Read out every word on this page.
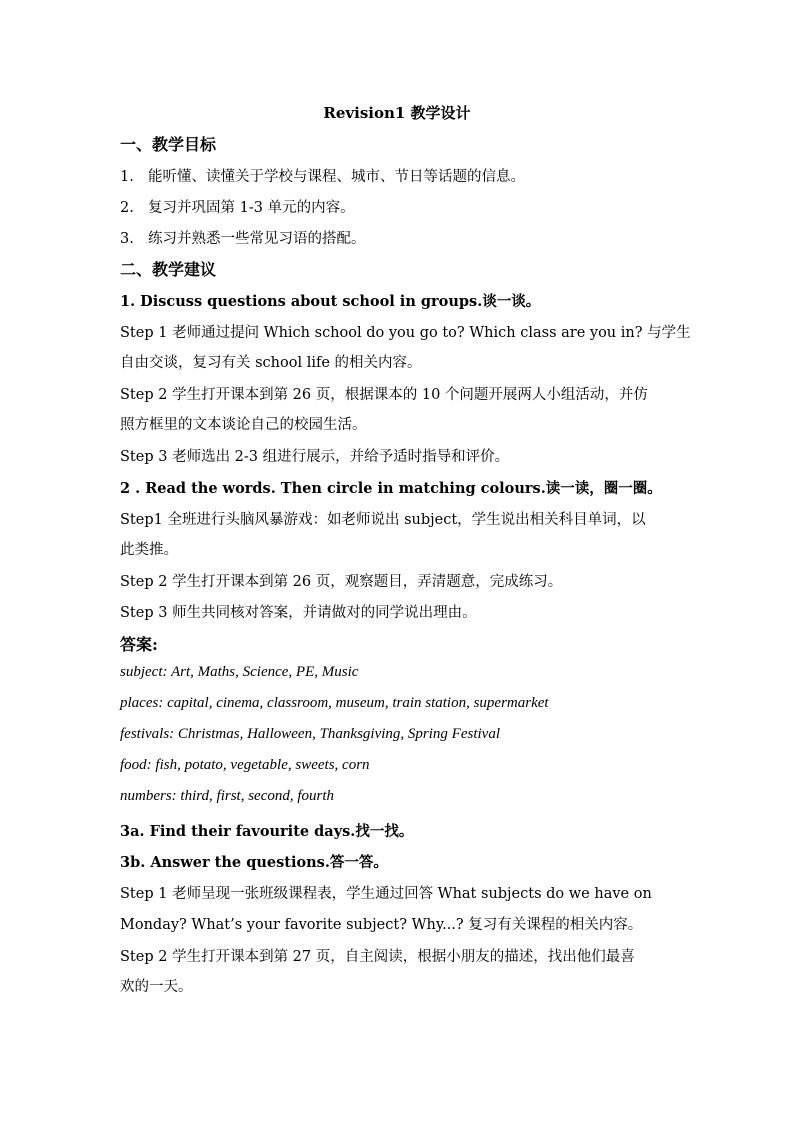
Revision1 教学设计
一、教学目标
1. 能听懂、读懂关于学校与课程、城市、节日等话题的信息。
2. 复习并巩固第 1-3 单元的内容。
3. 练习并熟悉一些常见习语的搭配。
二、教学建议
1. Discuss questions about school in groups.谈一谈。
Step 1 老师通过提问 Which school do you go to? Which class are you in? 与学生
自由交谈，复习有关 school life 的相关内容。
Step 2 学生打开课本到第 26 页，根据课本的 10 个问题开展两人小组活动，并仿
照方框里的文本谈论自己的校园生活。
Step 3 老师选出 2-3 组进行展示，并给予适时指导和评价。
2 . Read the words. Then circle in matching colours.读一读，圈一圈。
Step1 全班进行头脑风暴游戏：如老师说出 subject，学生说出相关科目单词，以
此类推。
Step 2 学生打开课本到第 26 页，观察题目，弄清题意，完成练习。
Step 3 师生共同核对答案，并请做对的同学说出理由。
答案:
subject: Art, Maths, Science, PE, Music
places: capital, cinema, classroom, museum, train station, supermarket
festivals: Christmas, Halloween, Thanksgiving, Spring Festival
food: fish, potato, vegetable, sweets, corn
numbers: third, first, second, fourth
3a. Find their favourite days.找一找。
3b. Answer the questions.答一答。
Step 1 老师呈现一张班级课程表，学生通过回答 What subjects do we have on
Monday? What’s your favorite subject? Why...? 复习有关课程的相关内容。
Step 2 学生打开课本到第 27 页，自主阅读，根据小朋友的描述，找出他们最喜
欢的一天。
